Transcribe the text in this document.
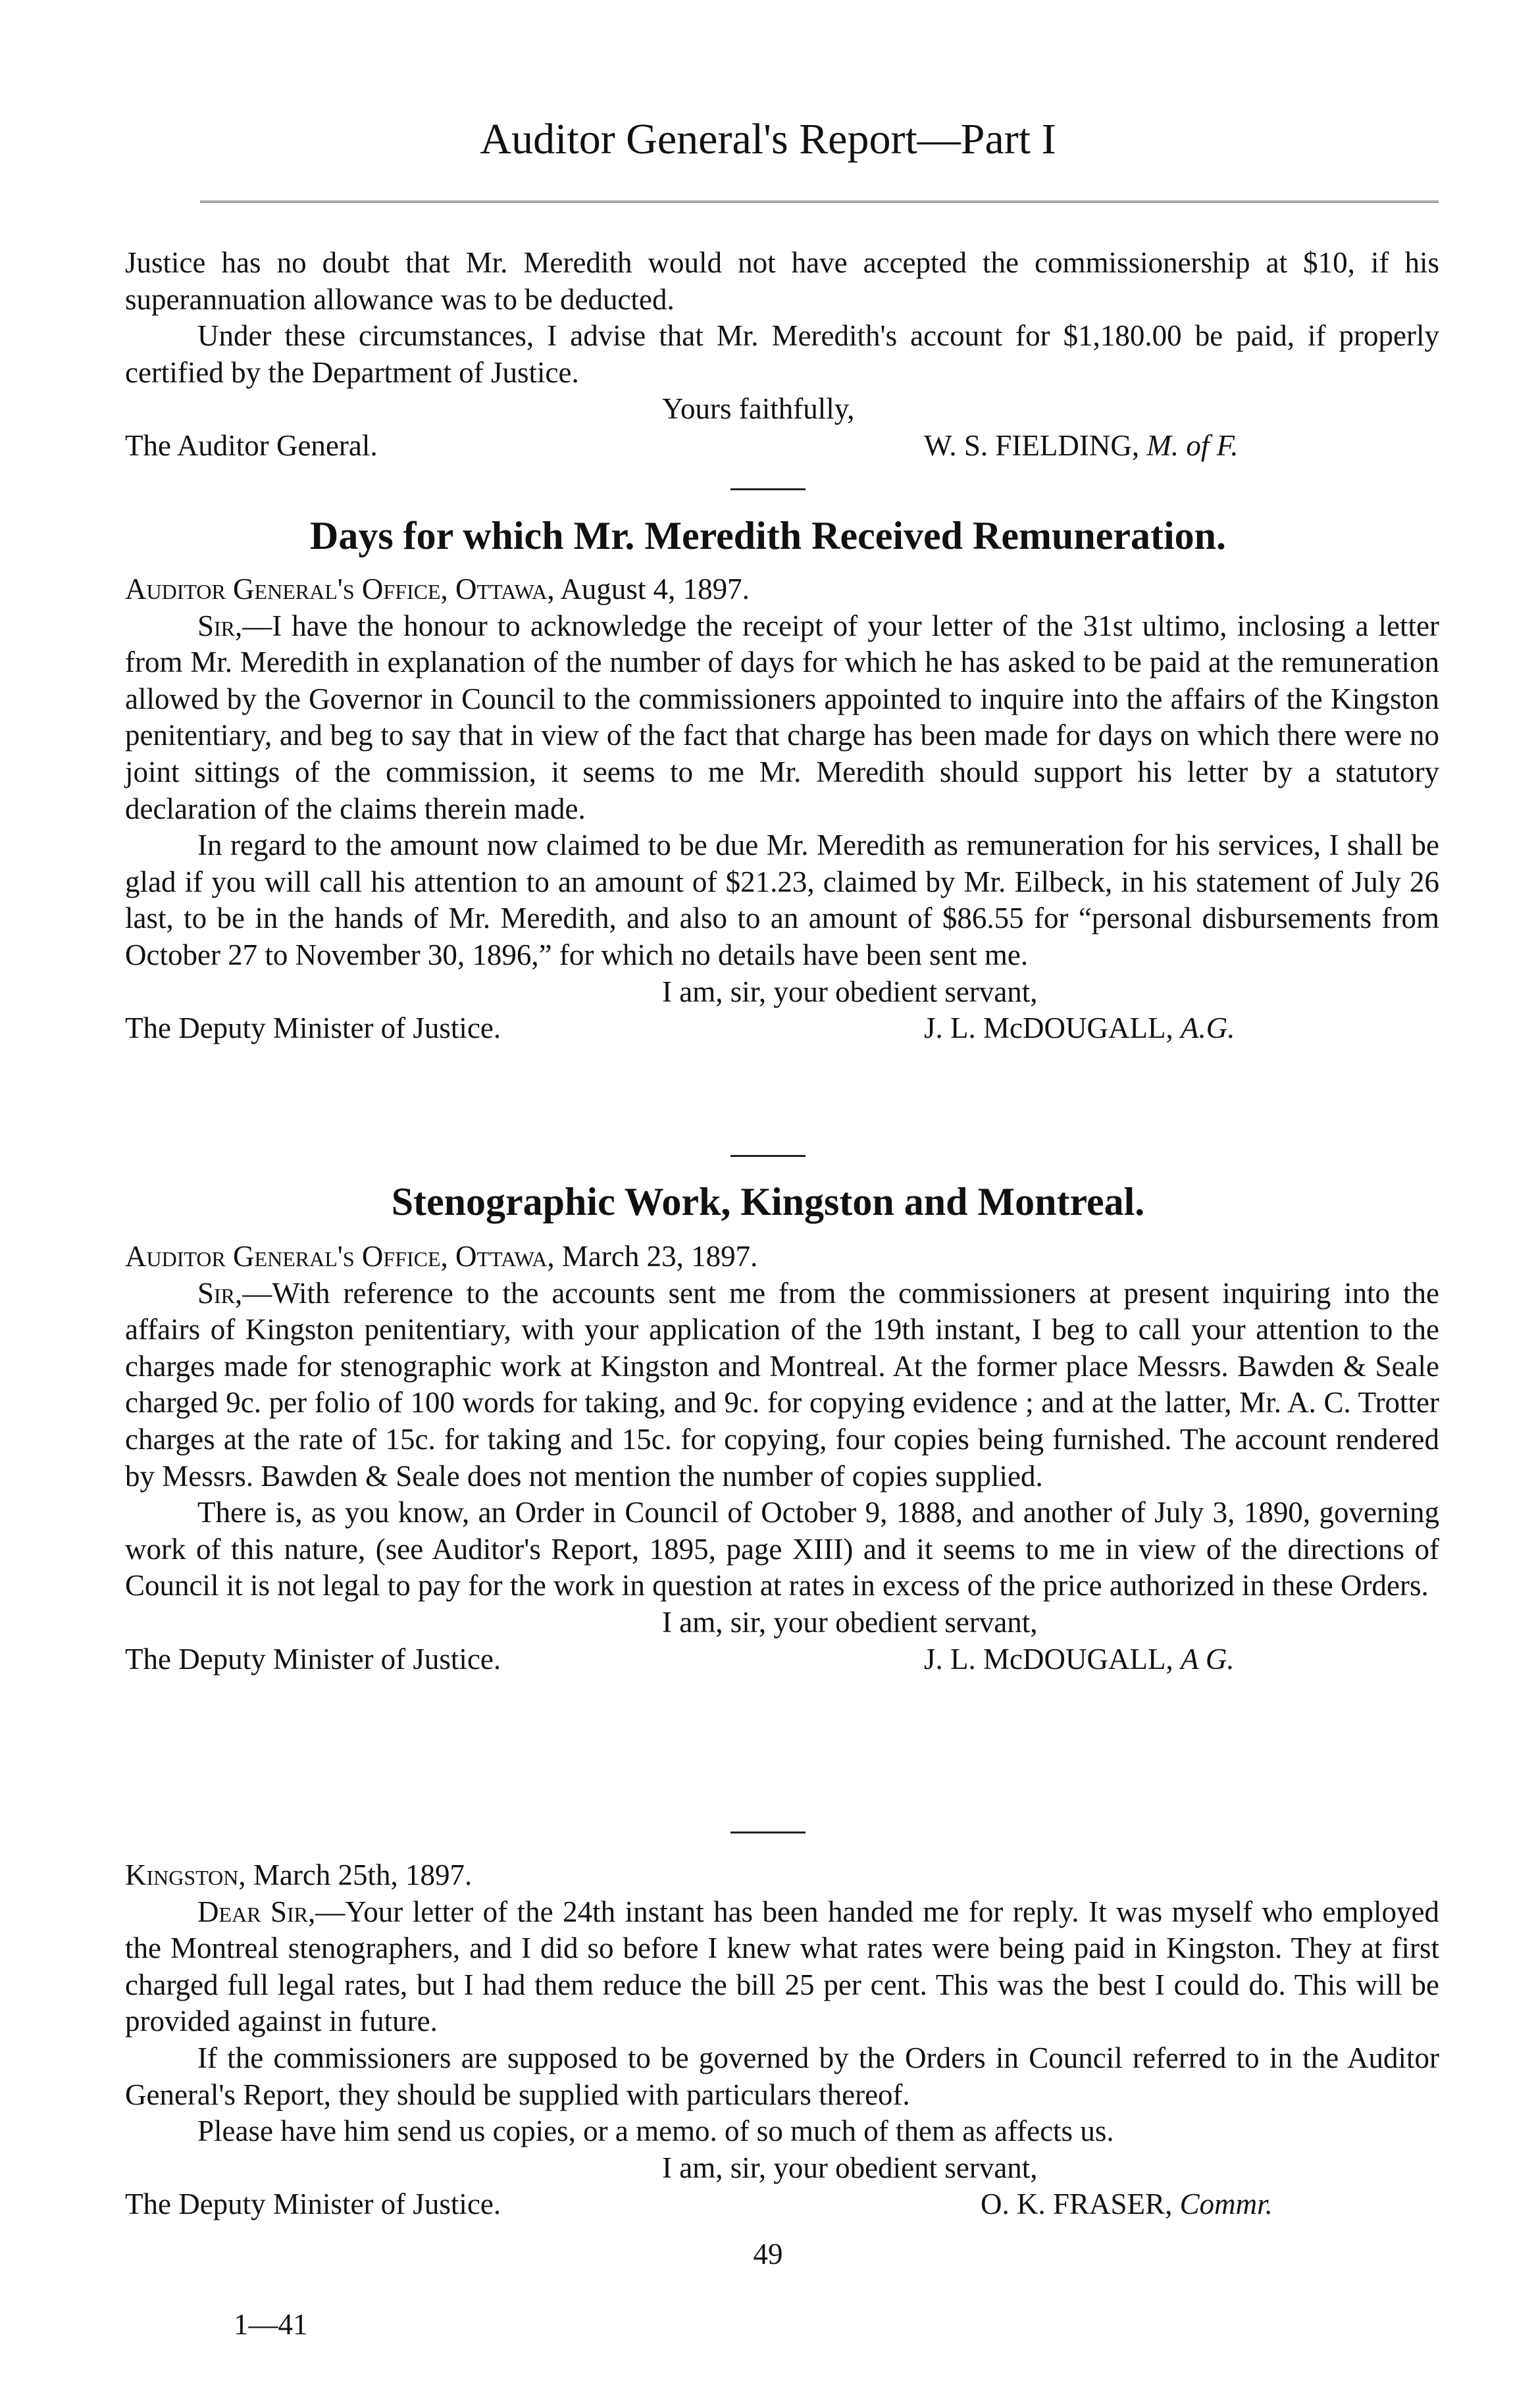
Auditor General's Report—Part I

Justice has no doubt that Mr. Meredith would not have accepted the commissionership at $10, if his superannuation allowance was to be deducted.

Under these circumstances, I advise that Mr. Meredith's account for $1,180.00 be paid, if properly certified by the Department of Justice.

Yours faithfully,

The Auditor General.	W. S. FIELDING, M. of F.
Days for which Mr. Meredith Received Remuneration.

Auditor General's Office, Ottawa, August 4, 1897.

Sir,—I have the honour to acknowledge the receipt of your letter of the 31st ultimo, inclosing a letter from Mr. Meredith in explanation of the number of days for which he has asked to be paid at the remuneration allowed by the Governor in Council to the commissioners appointed to inquire into the affairs of the Kingston penitentiary, and beg to say that in view of the fact that charge has been made for days on which there were no joint sittings of the commission, it seems to me Mr. Meredith should support his letter by a statutory declaration of the claims therein made.

In regard to the amount now claimed to be due Mr. Meredith as remuneration for his services, I shall be glad if you will call his attention to an amount of $21.23, claimed by Mr. Eilbeck, in his statement of July 26 last, to be in the hands of Mr. Meredith, and also to an amount of $86.55 for “personal disbursements from October 27 to November 30, 1896,” for which no details have been sent me.

I am, sir, your obedient servant,

The Deputy Minister of Justice.	J. L. McDOUGALL, A.G.
Stenographic Work, Kingston and Montreal.

Auditor General's Office, Ottawa, March 23, 1897.

Sir,—With reference to the accounts sent me from the commissioners at present inquiring into the affairs of Kingston penitentiary, with your application of the 19th instant, I beg to call your attention to the charges made for stenographic work at Kingston and Montreal. At the former place Messrs. Bawden & Seale charged 9c. per folio of 100 words for taking, and 9c. for copying evidence ; and at the latter, Mr. A. C. Trotter charges at the rate of 15c. for taking and 15c. for copying, four copies being furnished. The account rendered by Messrs. Bawden & Seale does not mention the number of copies supplied.

There is, as you know, an Order in Council of October 9, 1888, and another of July 3, 1890, governing work of this nature, (see Auditor's Report, 1895, page XIII) and it seems to me in view of the directions of Council it is not legal to pay for the work in question at rates in excess of the price authorized in these Orders.

I am, sir, your obedient servant,

The Deputy Minister of Justice.	J. L. McDOUGALL, A G.

Kingston, March 25th, 1897.

Dear Sir,—Your letter of the 24th instant has been handed me for reply. It was myself who employed the Montreal stenographers, and I did so before I knew what rates were being paid in Kingston. They at first charged full legal rates, but I had them reduce the bill 25 per cent. This was the best I could do. This will be provided against in future.

If the commissioners are supposed to be governed by the Orders in Council referred to in the Auditor General's Report, they should be supplied with particulars thereof.

Please have him send us copies, or a memo. of so much of them as affects us.

I am, sir, your obedient servant,

The Deputy Minister of Justice.	O. K. FRASER, Commr.
49
1—41
